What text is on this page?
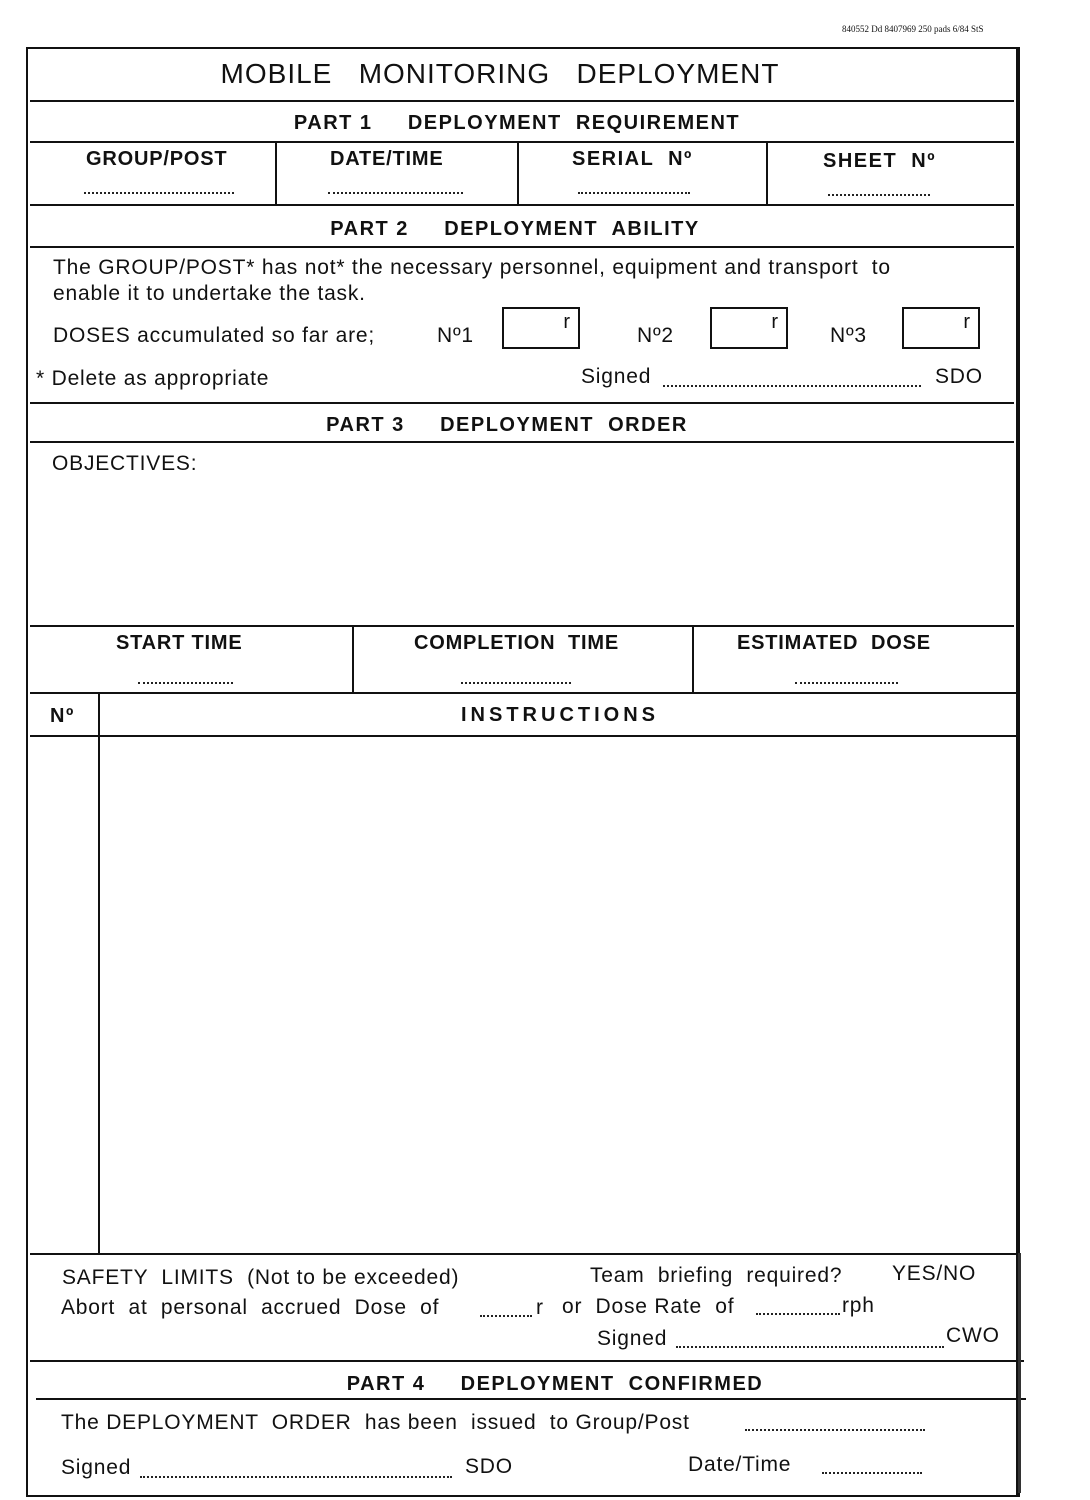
840552 Dd 8407969 250 pads 6/84 StS
MOBILE   MONITORING   DEPLOYMENT
PART 1     DEPLOYMENT  REQUIREMENT
GROUP/POST	DATE/TIME	SERIAL  Nº	SHEET  Nº
PART 2     DEPLOYMENT  ABILITY
The GROUP/POST* has not* the necessary personnel, equipment and transport  to
enable it to undertake the task.
DOSES accumulated so far are;	Nº1
r
Nº2
r
Nº3
r
* Delete as appropriate	Signed	SDO
PART 3     DEPLOYMENT  ORDER
OBJECTIVES:
START TIME	COMPLETION  TIME	ESTIMATED  DOSE
Nº	INSTRUCTIONS
SAFETY  LIMITS  (Not to be exceeded)	Team  briefing  required? YES/NO
Abort  at  personal  accrued  Dose  of	r or  Dose Rate  of	rph
Signed	CWO
PART 4     DEPLOYMENT  CONFIRMED
The DEPLOYMENT  ORDER  has been  issued  to Group/Post
Signed	SDO	Date/Time
